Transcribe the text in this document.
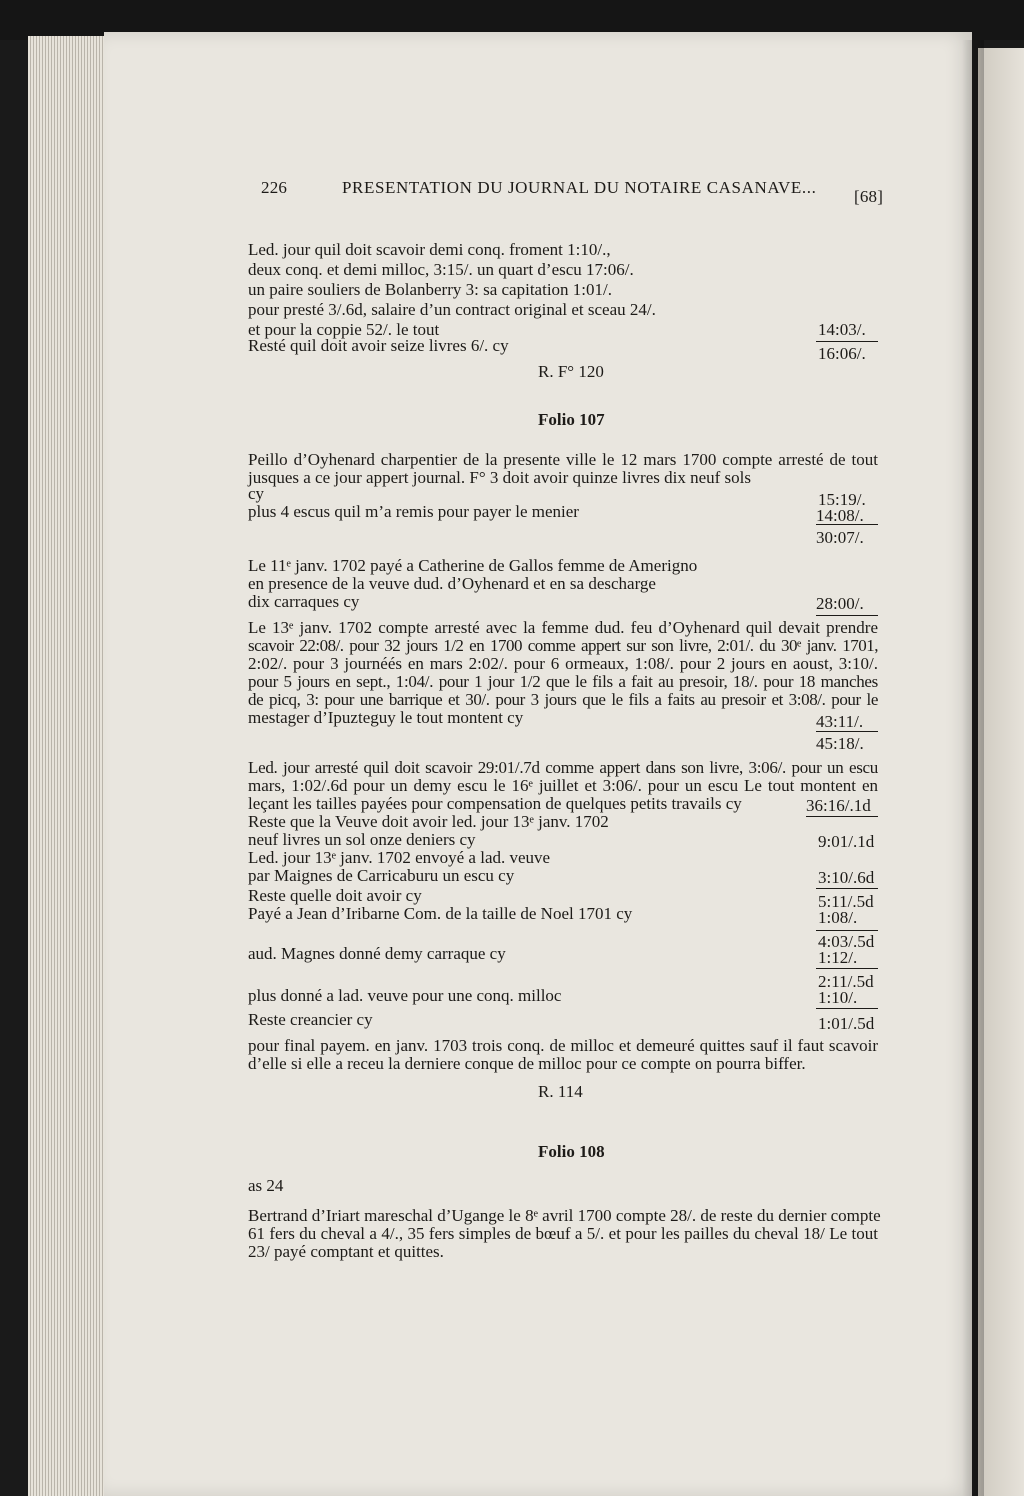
226	PRESENTATION DU JOURNAL DU NOTAIRE CASANAVE... [68]
Led. jour quil doit scavoir demi conq. froment 1:10/.,
deux conq. et demi milloc, 3:15/. un quart d’escu 17:06/.
un paire souliers de Bolanberry 3: sa capitation 1:01/.
pour presté 3/.6d, salaire d’un contract original et sceau 24/.
et pour la coppie 52/. le tout	14:03/.
Resté quil doit avoir seize livres 6/. cy	16:06/.
R. F° 120
Folio 107
Peillo d’Oyhenard charpentier de la presente ville le 12 mars 1700 compte arresté de tout
jusques a ce jour appert journal. F° 3 doit avoir quinze livres dix neuf sols
cy	15:19/.
plus 4 escus quil m’a remis pour payer le menier	14:08/.
30:07/.
Le 11ᵉ janv. 1702 payé a Catherine de Gallos femme de Amerigno
en presence de la veuve dud. d’Oyhenard et en sa descharge
dix carraques cy	28:00/.
Le 13ᵉ janv. 1702 compte arresté avec la femme dud. feu d’Oyhenard quil devait prendre
scavoir 22:08/. pour 32 jours 1/2 en 1700 comme appert sur son livre, 2:01/. du 30ᵉ janv. 1701,
2:02/. pour 3 journéés en mars 2:02/. pour 6 ormeaux, 1:08/. pour 2 jours en aoust, 3:10/.
pour 5 jours en sept., 1:04/. pour 1 jour 1/2 que le fils a fait au presoir, 18/. pour 18 manches
de picq, 3: pour une barrique et 30/. pour 3 jours que le fils a faits au presoir et 3:08/. pour le
mestager d’Ipuzteguy le tout montent cy	43:11/.
45:18/.
Led. jour arresté quil doit scavoir 29:01/.7d comme appert dans son livre, 3:06/. pour un escu
mars, 1:02/.6d pour un demy escu le 16ᵉ juillet et 3:06/. pour un escu Le tout montent en
leçant les tailles payées pour compensation de quelques petits travails cy	36:16/.1d
Reste que la Veuve doit avoir led. jour 13ᵉ janv. 1702
neuf livres un sol onze deniers cy	9:01/.1d
Led. jour 13ᵉ janv. 1702 envoyé a lad. veuve
par Maignes de Carricaburu un escu cy	3:10/.6d
Reste quelle doit avoir cy	5:11/.5d
Payé a Jean d’Iribarne Com. de la taille de Noel 1701 cy	1:08/.
4:03/.5d
aud. Magnes donné demy carraque cy	1:12/.
2:11/.5d
plus donné a lad. veuve pour une conq. milloc	1:10/.
Reste creancier cy	1:01/.5d
pour final payem. en janv. 1703 trois conq. de milloc et demeuré quittes sauf il faut scavoir
d’elle si elle a receu la derniere conque de milloc pour ce compte on pourra biffer.
R. 114
Folio 108
as 24
Bertrand d’Iriart mareschal d’Ugange le 8ᵉ avril 1700 compte 28/. de reste du dernier compte
61 fers du cheval a 4/., 35 fers simples de bœuf a 5/. et pour les pailles du cheval 18/ Le tout
23/ payé comptant et quittes.
